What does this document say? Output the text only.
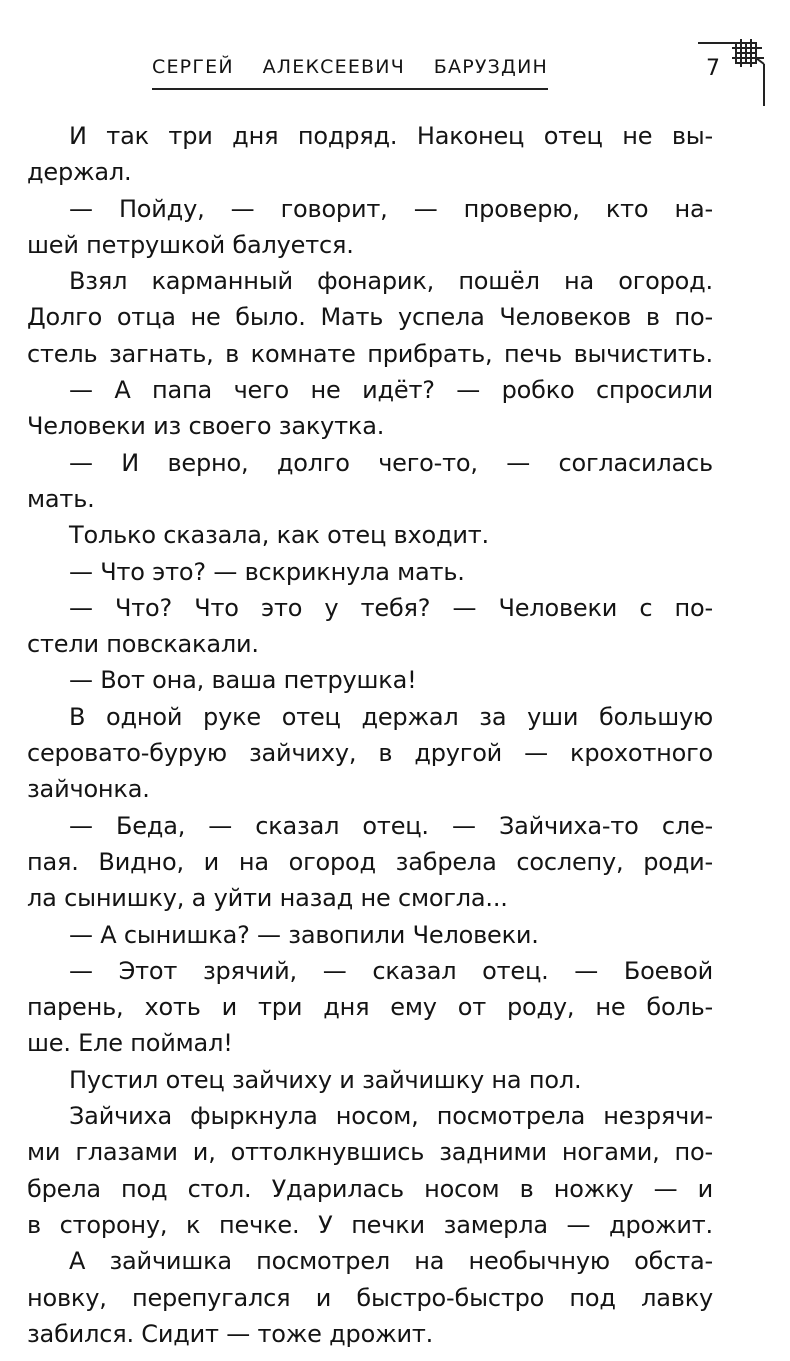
СЕРГЕЙ АЛЕКСЕЕВИЧ БАРУЗДИН	7

И так три дня подряд. Наконец отец не вы-

держал.

— Пойду, — говорит, — проверю, кто на-

шей петрушкой балуется.

Взял карманный фонарик, пошёл на огород.

Долго отца не было. Мать успела Человеков в по-

стель загнать, в комнате прибрать, печь вычистить.

— А папа чего не идёт? — робко спросили

Человеки из своего закутка.

— И верно, долго чего-то, — согласилась

мать.

Только сказала, как отец входит.

— Что это? — вскрикнула мать.

— Что? Что это у тебя? — Человеки с по-

стели повскакали.

— Вот она, ваша петрушка!

В одной руке отец держал за уши большую

серовато-бурую зайчиху, в другой — крохотного

зайчонка.

— Беда, — сказал отец. — Зайчиха-то сле-

пая. Видно, и на огород забрела сослепу, роди-

ла сынишку, а уйти назад не смогла...

— А сынишка? — завопили Человеки.

— Этот зрячий, — сказал отец. — Боевой

парень, хоть и три дня ему от роду, не боль-

ше. Еле поймал!

Пустил отец зайчиху и зайчишку на пол.

Зайчиха фыркнула носом, посмотрела незрячи-

ми глазами и, оттолкнувшись задними ногами, по-

брела под стол. Ударилась носом в ножку — и

в сторону, к печке. У печки замерла — дрожит.

А зайчишка посмотрел на необычную обста-

новку, перепугался и быстро-быстро под лавку

забился. Сидит — тоже дрожит.
